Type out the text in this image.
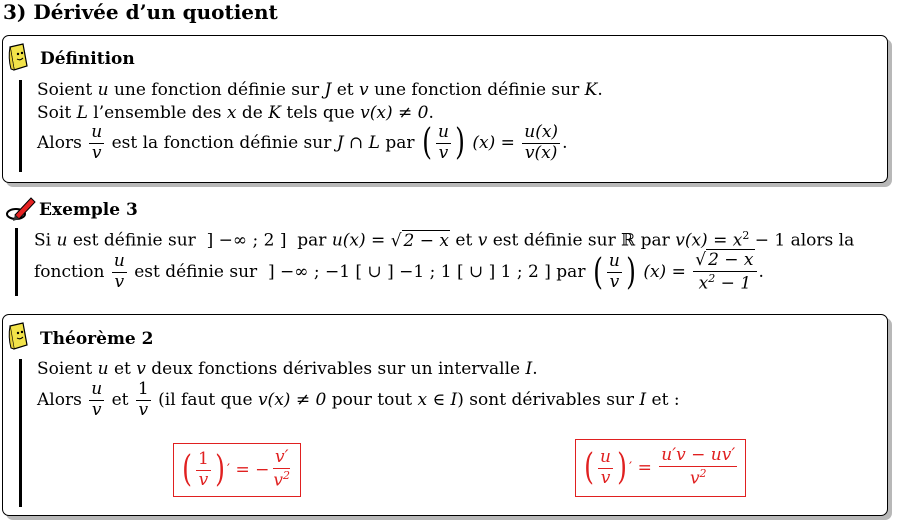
3) Dérivée d’un quotient
Définition
Soient u une fonction définie sur J et v une fonction définie sur K.
Soit L l’ensemble des x de K tels que v(x) ≠ 0.
Alors $\frac{u}{v}$ est la fonction définie sur J ∩ L par ( $\frac{u}{v}$ ) $(x) = \frac{u(x)}{v(x)}$ .
Exemple 3
Si u est définie sur ] −∞ ; 2 ] par u(x) = √ 2 − x et v est définie sur ℝ par $v(x) = x^2 - 1$ alors la
fonction $\frac{u}{v}$ est définie sur ] −∞ ; −1 [ ∪ ] −1 ; 1 [ ∪ ] 1 ; 2 ] par ( $\frac{u}{v}$ ) $(x) = \frac{√ 2 - x}{x^2 - 1}$ .
Théorème 2
Soient u et v deux fonctions dérivables sur un intervalle I.
Alors $\frac{u}{v}$ et $\frac{1}{v} (il$ faut que v(x) ≠ 0 pour tout x ∈ I) sont dérivables sur I et :
( $\frac{1}{v}$ ) ′
= − $\frac{v'}{v^2}$	( $\frac{u}{v}$ ) ′
=
$\frac{u'v - uv'}{v^2}$
